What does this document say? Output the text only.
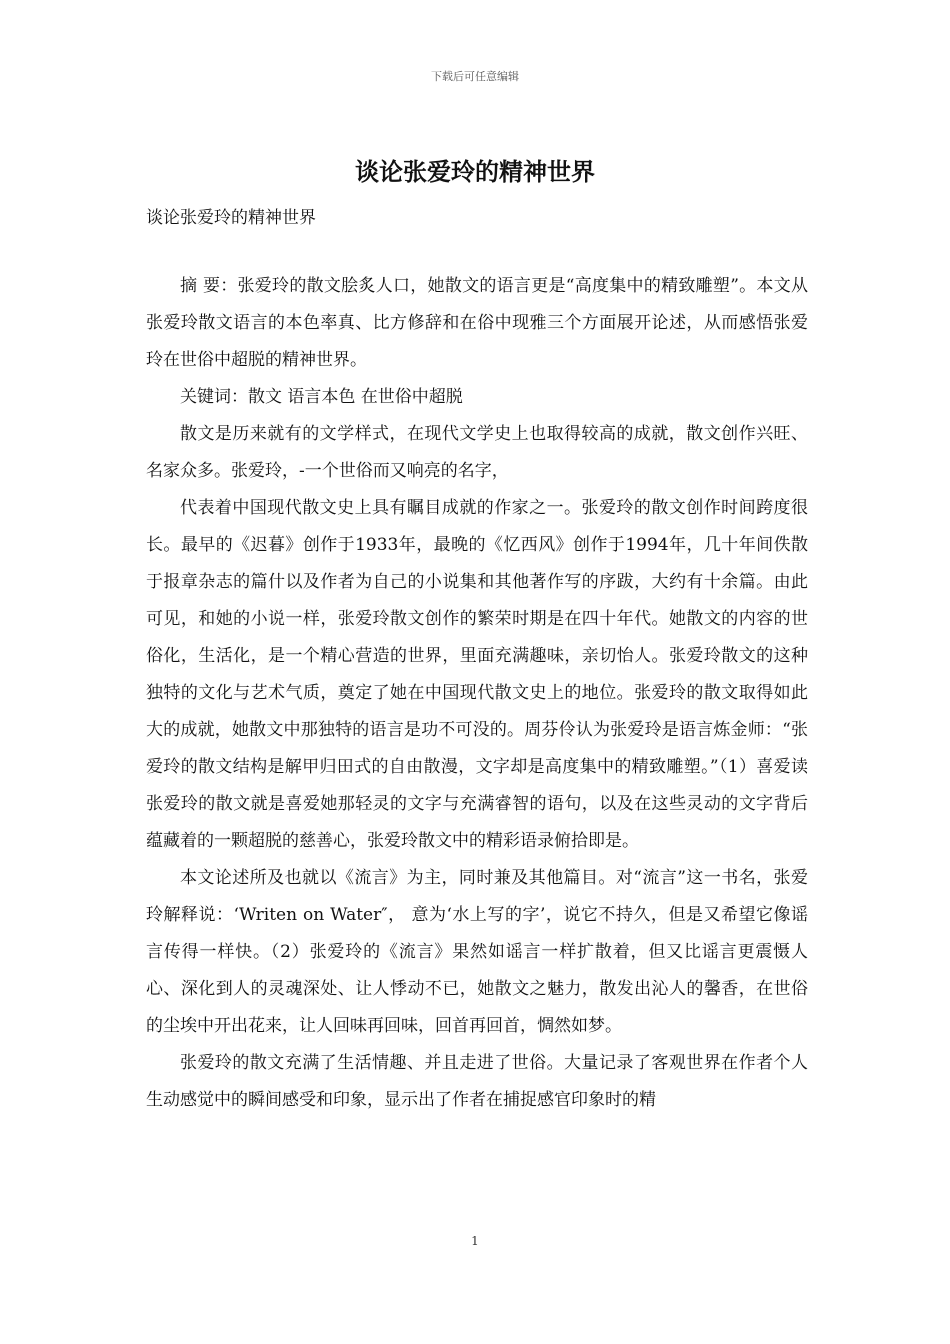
下载后可任意编辑
谈论张爱玲的精神世界
谈论张爱玲的精神世界

摘 要：张爱玲的散文脍炙人口，她散文的语言更是“高度集中的精致雕塑”。本文从张爱玲散文语言的本色率真、比方修辞和在俗中现雅三个方面展开论述，从而感悟张爱玲在世俗中超脱的精神世界。

关键词：散文 语言本色 在世俗中超脱

散文是历来就有的文学样式，在现代文学史上也取得较高的成就，散文创作兴旺、名家众多。张爱玲，-一个世俗而又响亮的名字，

代表着中国现代散文史上具有瞩目成就的作家之一。张爱玲的散文创作时间跨度很长。最早的《迟暮》创作于1933年，最晚的《忆西风》创作于1994年，几十年间佚散于报章杂志的篇什以及作者为自己的小说集和其他著作写的序跋，大约有十余篇。由此可见，和她的小说一样，张爱玲散文创作的繁荣时期是在四十年代。她散文的内容的世俗化，生活化，是一个精心营造的世界，里面充满趣味，亲切怡人。张爱玲散文的这种独特的文化与艺术气质，奠定了她在中国现代散文史上的地位。张爱玲的散文取得如此大的成就，她散文中那独特的语言是功不可没的。周芬伶认为张爱玲是语言炼金师：“张爱玲的散文结构是解甲归田式的自由散漫，文字却是高度集中的精致雕塑。”（1）喜爱读张爱玲的散文就是喜爱她那轻灵的文字与充满睿智的语句，以及在这些灵动的文字背后蕴藏着的一颗超脱的慈善心，张爱玲散文中的精彩语录俯拾即是。

本文论述所及也就以《流言》为主，同时兼及其他篇目。对“流言”这一书名，张爱玲解释说：‘Writen on Water″， 意为‘水上写的字’，说它不持久，但是又希望它像谣言传得一样快。（2）张爱玲的《流言》果然如谣言一样扩散着，但又比谣言更震慑人心、深化到人的灵魂深处、让人悸动不已，她散文之魅力，散发出沁人的馨香，在世俗的尘埃中开出花来，让人回味再回味，回首再回首，惆然如梦。

张爱玲的散文充满了生活情趣、并且走进了世俗。大量记录了客观世界在作者个人生动感觉中的瞬间感受和印象，显示出了作者在捕捉感官印象时的精

1
